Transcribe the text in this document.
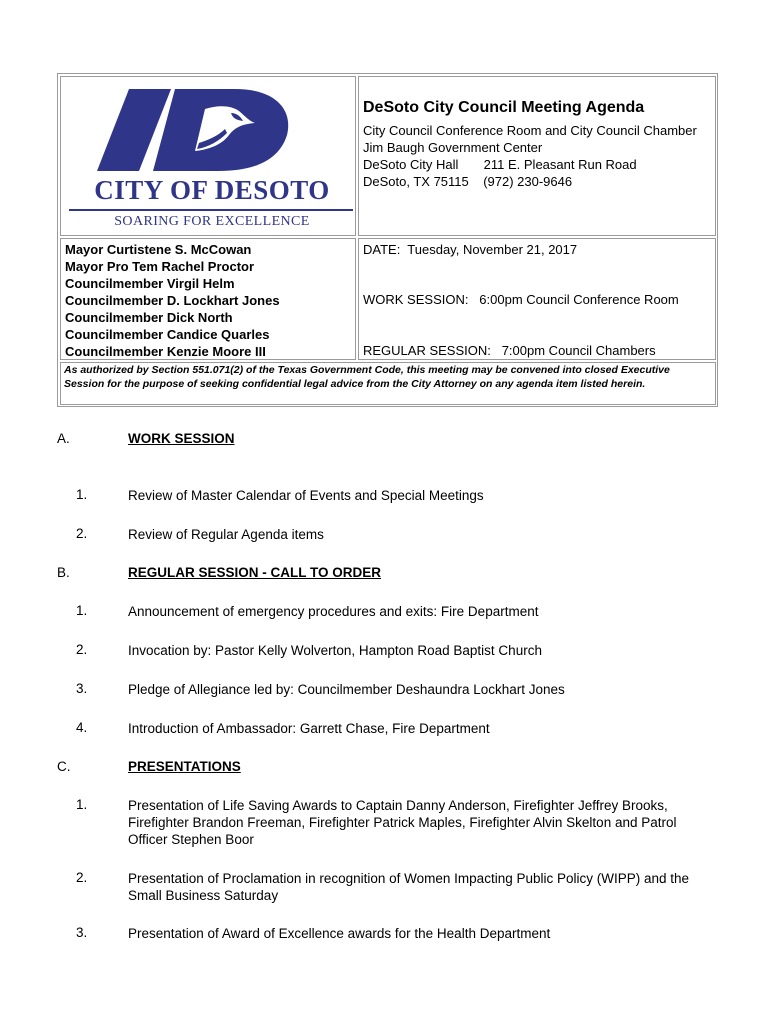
CITY OF DESOTO
SOARING FOR EXCELLENCE
DeSoto City Council Meeting Agenda
City Council Conference Room and City Council Chamber
Jim Baugh Government Center
DeSoto City Hall       211 E. Pleasant Run Road
DeSoto, TX 75115    (972) 230-9646
Mayor Curtistene S. McCowan
Mayor Pro Tem Rachel Proctor
Councilmember Virgil Helm
Councilmember D. Lockhart Jones
Councilmember Dick North
Councilmember Candice Quarles
Councilmember Kenzie Moore III
DATE:  Tuesday, November 21, 2017
WORK SESSION:   6:00pm Council Conference Room
REGULAR SESSION:   7:00pm Council Chambers
As authorized by Section 551.071(2) of the Texas Government Code, this meeting may be convened into closed Executive Session for the purpose of seeking confidential legal advice from the City Attorney on any agenda item listed herein.
A.	WORK SESSION
1.	Review of Master Calendar of Events and Special Meetings
2.	Review of Regular Agenda items
B.	REGULAR SESSION - CALL TO ORDER
1.	Announcement of emergency procedures and exits: Fire Department
2.	Invocation by: Pastor Kelly Wolverton, Hampton Road Baptist Church
3.	Pledge of Allegiance led by: Councilmember Deshaundra Lockhart Jones
4.	Introduction of Ambassador: Garrett Chase, Fire Department
C.	PRESENTATIONS
1.	Presentation of Life Saving Awards to Captain Danny Anderson, Firefighter Jeffrey Brooks, Firefighter Brandon Freeman, Firefighter Patrick Maples, Firefighter Alvin Skelton and Patrol Officer Stephen Boor
2.	Presentation of Proclamation in recognition of Women Impacting Public Policy (WIPP) and the Small Business Saturday
3.	Presentation of Award of Excellence awards for the Health Department
